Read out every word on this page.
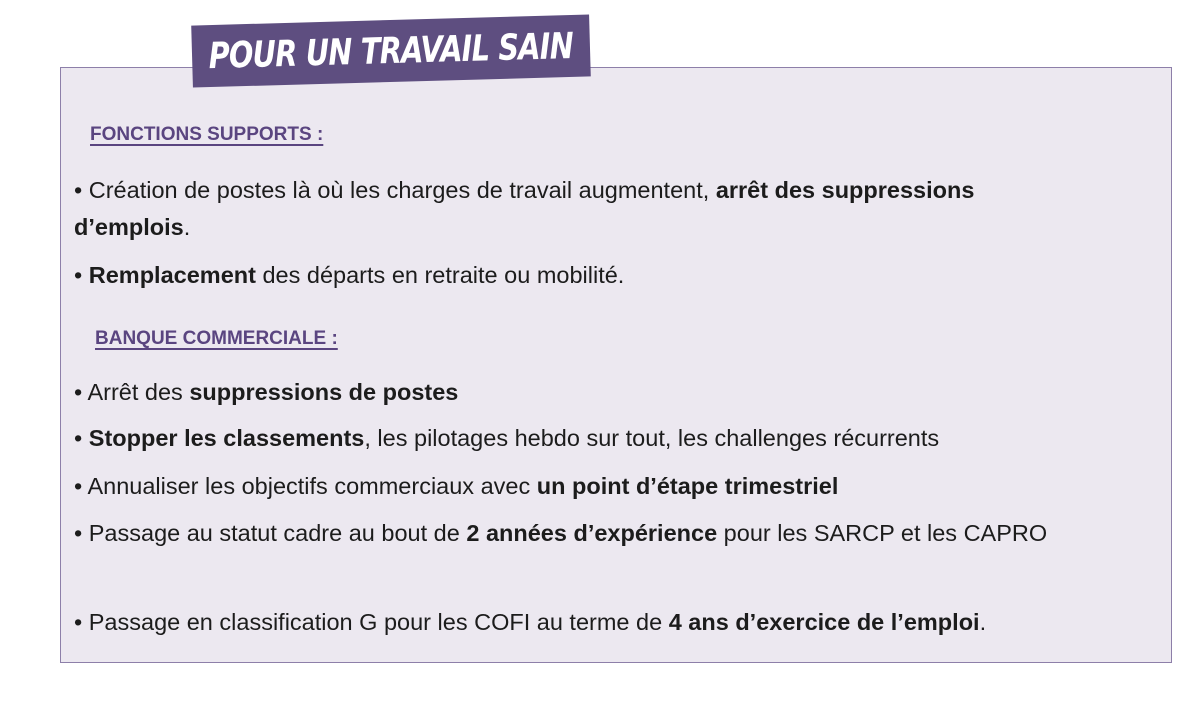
POUR UN TRAVAIL SAIN
FONCTIONS SUPPORTS :
• Création de postes là où les charges de travail augmentent, arrêt des suppressions d’emplois.
• Remplacement des départs en retraite ou mobilité.
BANQUE COMMERCIALE :
• Arrêt des suppressions de postes
• Stopper les classements, les pilotages hebdo sur tout, les challenges récurrents
• Annualiser les objectifs commerciaux avec un point d’étape trimestriel
• Passage au statut cadre au bout de 2 années d’expérience pour les SARCP et les CAPRO
• Passage en classification G pour les COFI au terme de 4 ans d’exercice de l’emploi.
